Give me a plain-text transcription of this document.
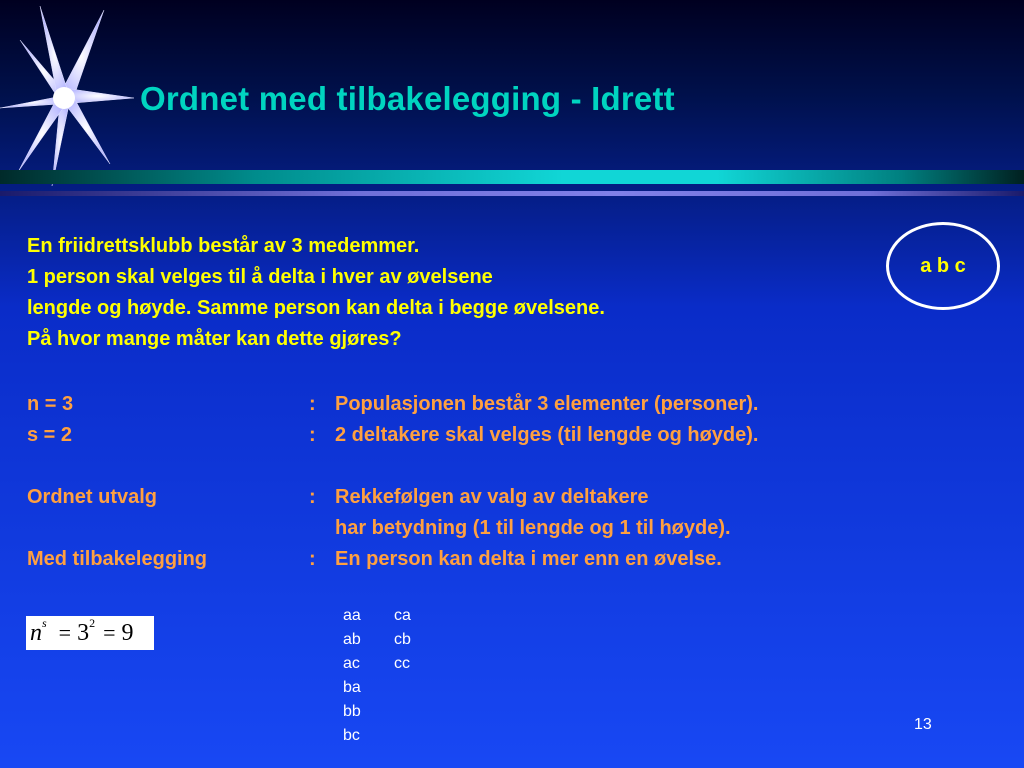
Ordnet med tilbakelegging - Idrett
En friidrettsklubb består av 3 medemmer.
1 person skal velges til å delta i hver av øvelsene
lengde og høyde. Samme person kan delta i begge øvelsene.
På hvor mange måter kan dette gjøres?
a b c
n = 3	: Populasjonen består 3 elementer (personer).
s = 2	: 2 deltakere skal velges (til lengde og høyde).
Ordnet utvalg	: Rekkefølgen av valg av deltakere
har betydning (1 til lengde og 1 til høyde).
Med tilbakelegging	: En person kan delta i mer enn en øvelse.
n s = 3 2 = 9
aa
ab
ac
ba
bb
bc
ca
cb
cc
13
